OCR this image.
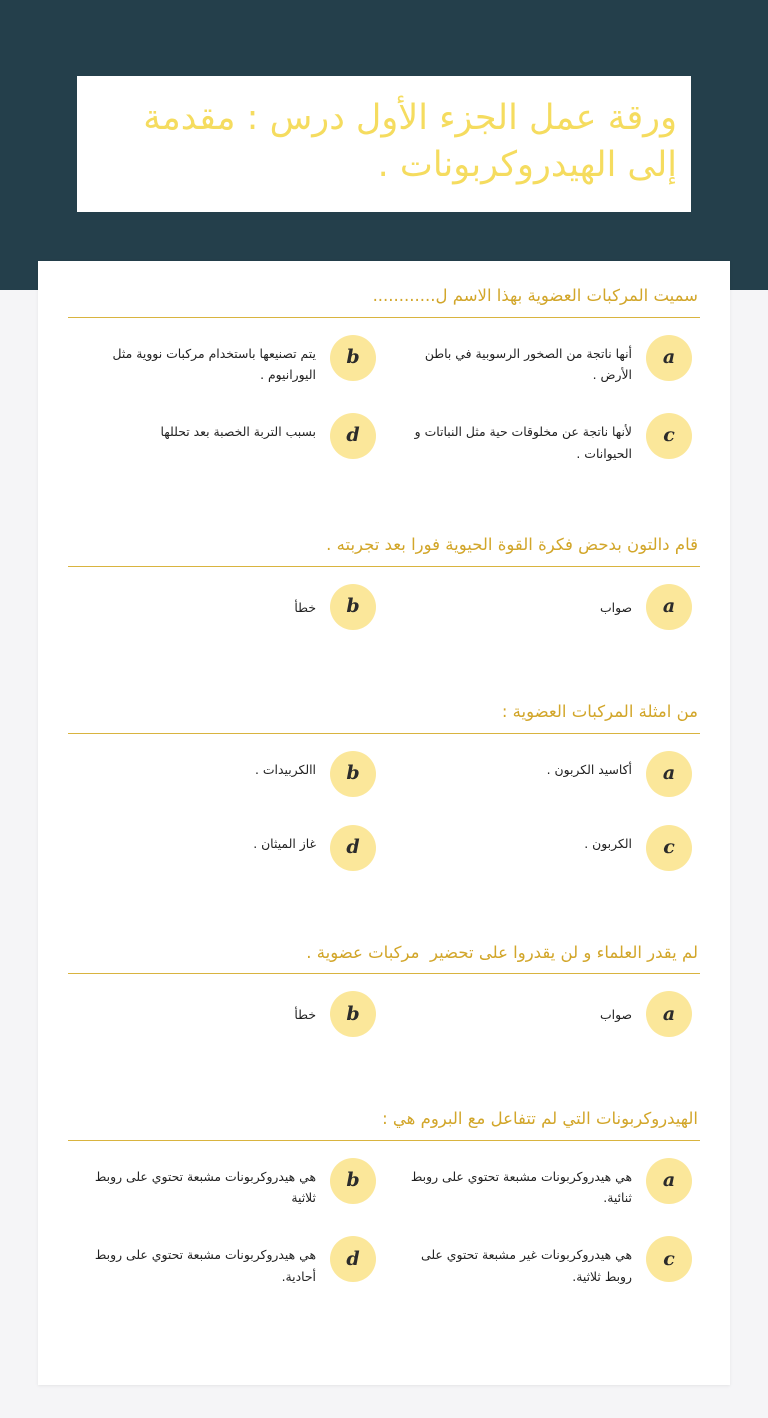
ورقة عمل الجزء الأول درس : مقدمة إلى الهيدروكربونات .
سميت المركبات العضوية بهذا الاسم ل............
a
أنها ناتجة من الصخور الرسوبية في باطن الأرض .
b
يتم تصنيعها باستخدام مركبات نووية مثل اليورانيوم .
c
لأنها ناتجة عن مخلوقات حية مثل النباتات و الحيوانات .
d
بسبب التربة الخصبة بعد تحللها
قام دالتون بدحض فكرة القوة الحيوية فورا بعد تجربته .
a
صواب
b
خطأ
من امثلة المركبات العضوية :
a
أكاسيد الكربون .
b
االكربيدات .
c
الكربون .
d
غاز الميثان .
لم يقدر العلماء و لن يقدروا على تحضير  مركبات عضوية .
a
صواب
b
خطأ
الهيدروكربونات التي لم تتفاعل مع البروم هي :
a
هي هيدروكربونات مشبعة تحتوي على روبط ثنائية.
b
هي هيدروكربونات مشبعة تحتوي على روبط ثلاثية
c
هي هيدروكربونات غير مشبعة تحتوي على روبط ثلاثية.
d
هي هيدروكربونات مشبعة تحتوي على روبط أحادية.
